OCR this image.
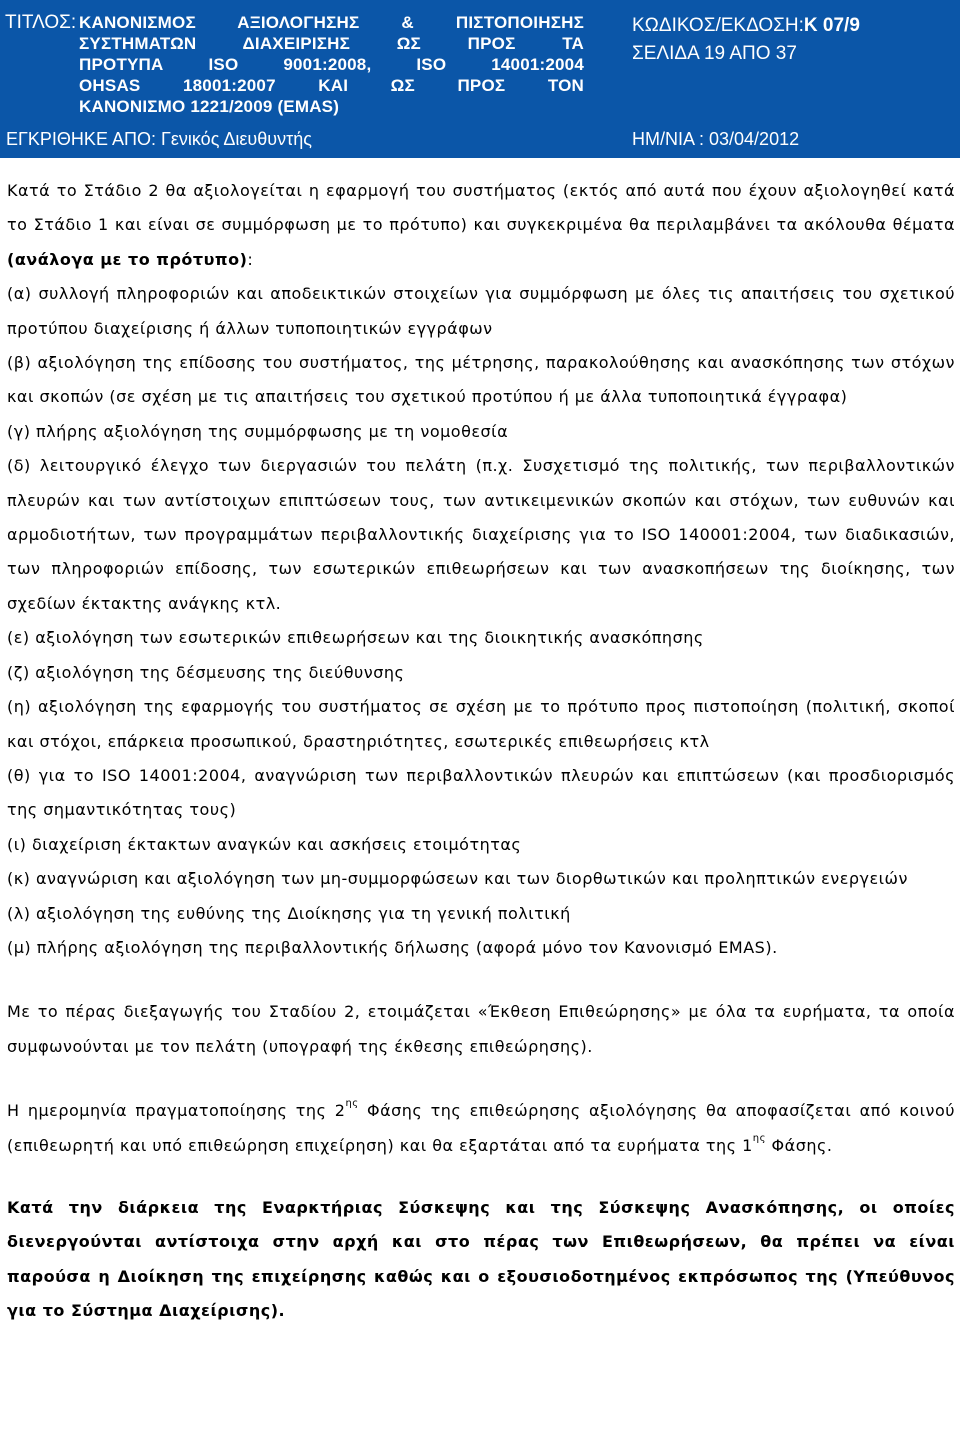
ΤΙΤΛΟΣ: ΚΑΝΟΝΙΣΜΟΣ ΑΞΙΟΛΟΓΗΣΗΣ & ΠΙΣΤΟΠΟΙΗΣΗΣ
ΣΥΣΤΗΜΑΤΩΝ ΔΙΑΧΕΙΡΙΣΗΣ ΩΣ ΠΡΟΣ ΤΑ
ΠΡΟΤΥΠΑ ISO 9001:2008, ISO 14001:2004
OHSAS 18001:2007 ΚΑΙ ΩΣ ΠΡΟΣ ΤΟΝ
ΚΑΝΟΝΙΣΜΟ 1221/2009 (EMAS)
ΚΩΔΙΚΟΣ/ΕΚΔΟΣΗ:Κ 07/9
ΣΕΛΙΔΑ 19 ΑΠΟ 37
ΕΓΚΡΙΘΗΚΕ ΑΠΟ: Γενικός Διευθυντής	ΗΜ/ΝΙΑ : 03/04/2012

Κατά το Στάδιο 2 θα αξιολογείται η εφαρμογή του συστήματος (εκτός από αυτά που έχουν αξιολογηθεί κατά το Στάδιο 1 και είναι σε συμμόρφωση με το πρότυπο) και συγκεκριμένα θα περιλαμβάνει τα ακόλουθα θέματα (ανάλογα με το πρότυπο):

(α) συλλογή πληροφοριών και αποδεικτικών στοιχείων για συμμόρφωση με όλες τις απαιτήσεις του σχετικού προτύπου διαχείρισης ή άλλων τυποποιητικών εγγράφων

(β) αξιολόγηση της επίδοσης του συστήματος, της μέτρησης, παρακολούθησης και ανασκόπησης των στόχων και σκοπών (σε σχέση με τις απαιτήσεις του σχετικού προτύπου ή με άλλα τυποποιητικά έγγραφα)

(γ) πλήρης αξιολόγηση της συμμόρφωσης με τη νομοθεσία

(δ) λειτουργικό έλεγχο των διεργασιών του πελάτη (π.χ. Συσχετισμό της πολιτικής, των περιβαλλοντικών πλευρών και των αντίστοιχων επιπτώσεων τους, των αντικειμενικών σκοπών και στόχων, των ευθυνών και αρμοδιοτήτων, των προγραμμάτων περιβαλλοντικής διαχείρισης για το ISO 140001:2004, των διαδικασιών, των πληροφοριών επίδοσης, των εσωτερικών επιθεωρήσεων και των ανασκοπήσεων της διοίκησης, των σχεδίων έκτακτης ανάγκης κτλ.

(ε) αξιολόγηση των εσωτερικών επιθεωρήσεων και της διοικητικής ανασκόπησης

(ζ) αξιολόγηση της δέσμευσης της διεύθυνσης

(η) αξιολόγηση της εφαρμογής του συστήματος σε σχέση με το πρότυπο προς πιστοποίηση (πολιτική, σκοποί και στόχοι, επάρκεια προσωπικού, δραστηριότητες, εσωτερικές επιθεωρήσεις κτλ

(θ) για το ISO 14001:2004, αναγνώριση των περιβαλλοντικών πλευρών και επιπτώσεων (και προσδιορισμός της σημαντικότητας τους)

(ι) διαχείριση έκτακτων αναγκών και ασκήσεις ετοιμότητας

(κ) αναγνώριση και αξιολόγηση των μη-συμμορφώσεων και των διορθωτικών και προληπτικών ενεργειών

(λ) αξιολόγηση της ευθύνης της Διοίκησης για τη γενική πολιτική

(μ) πλήρης αξιολόγηση της περιβαλλοντικής δήλωσης (αφορά μόνο τον Κανονισμό EMAS).

Με το πέρας διεξαγωγής του Σταδίου 2, ετοιμάζεται «Έκθεση Επιθεώρησης» με όλα τα ευρήματα, τα οποία συμφωνούνται με τον πελάτη (υπογραφή της έκθεσης επιθεώρησης).

Η ημερομηνία πραγματοποίησης της $2^{\eta\varsigma}$ Φάσης της επιθεώρησης αξιολόγησης θα αποφασίζεται από κοινού (επιθεωρητή και υπό επιθεώρηση επιχείρηση) και θα εξαρτάται από τα ευρήματα της $1^{\eta\varsigma}$ Φάσης.

Κατά την διάρκεια της Εναρκτήριας Σύσκεψης και της Σύσκεψης Ανασκόπησης, οι οποίες διενεργούνται αντίστοιχα στην αρχή και στο πέρας των Επιθεωρήσεων, θα πρέπει να είναι παρούσα η Διοίκηση της επιχείρησης καθώς και ο εξουσιοδοτημένος εκπρόσωπος της (Υπεύθυνος για το Σύστημα Διαχείρισης).
